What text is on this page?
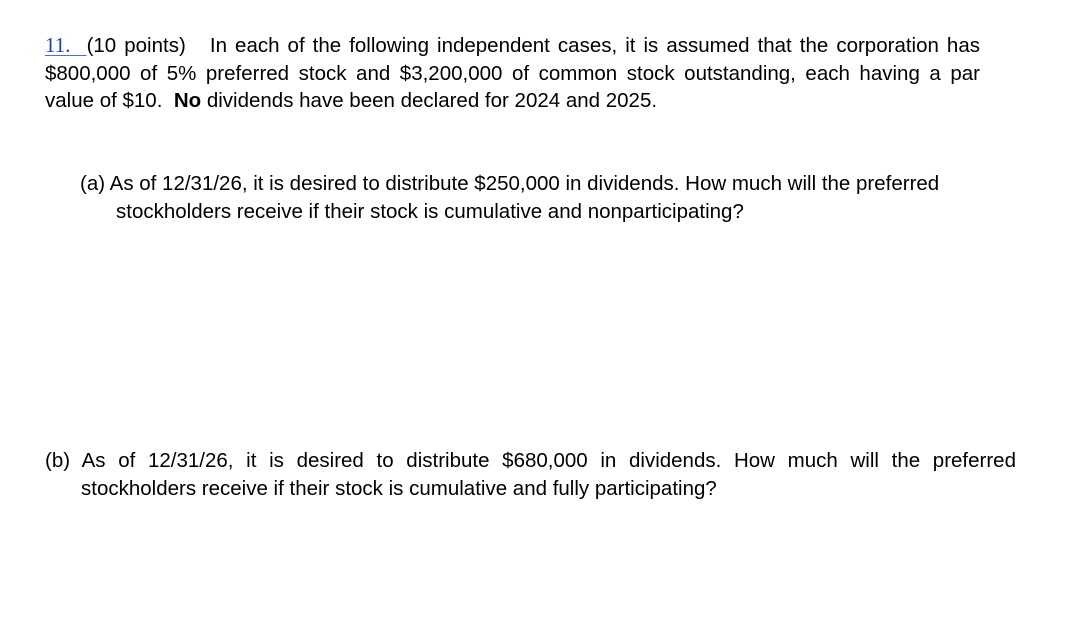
11. (10 points) In each of the following independent cases, it is assumed that the corporation has $800,000 of 5% preferred stock and $3,200,000 of common stock outstanding, each having a par value of $10. No dividends have been declared for 2024 and 2025.

(a) As of 12/31/26, it is desired to distribute $250,000 in dividends. How much will the preferred stockholders receive if their stock is cumulative and nonparticipating?

(b) As of 12/31/26, it is desired to distribute $680,000 in dividends. How much will the preferred stockholders receive if their stock is cumulative and fully participating?
